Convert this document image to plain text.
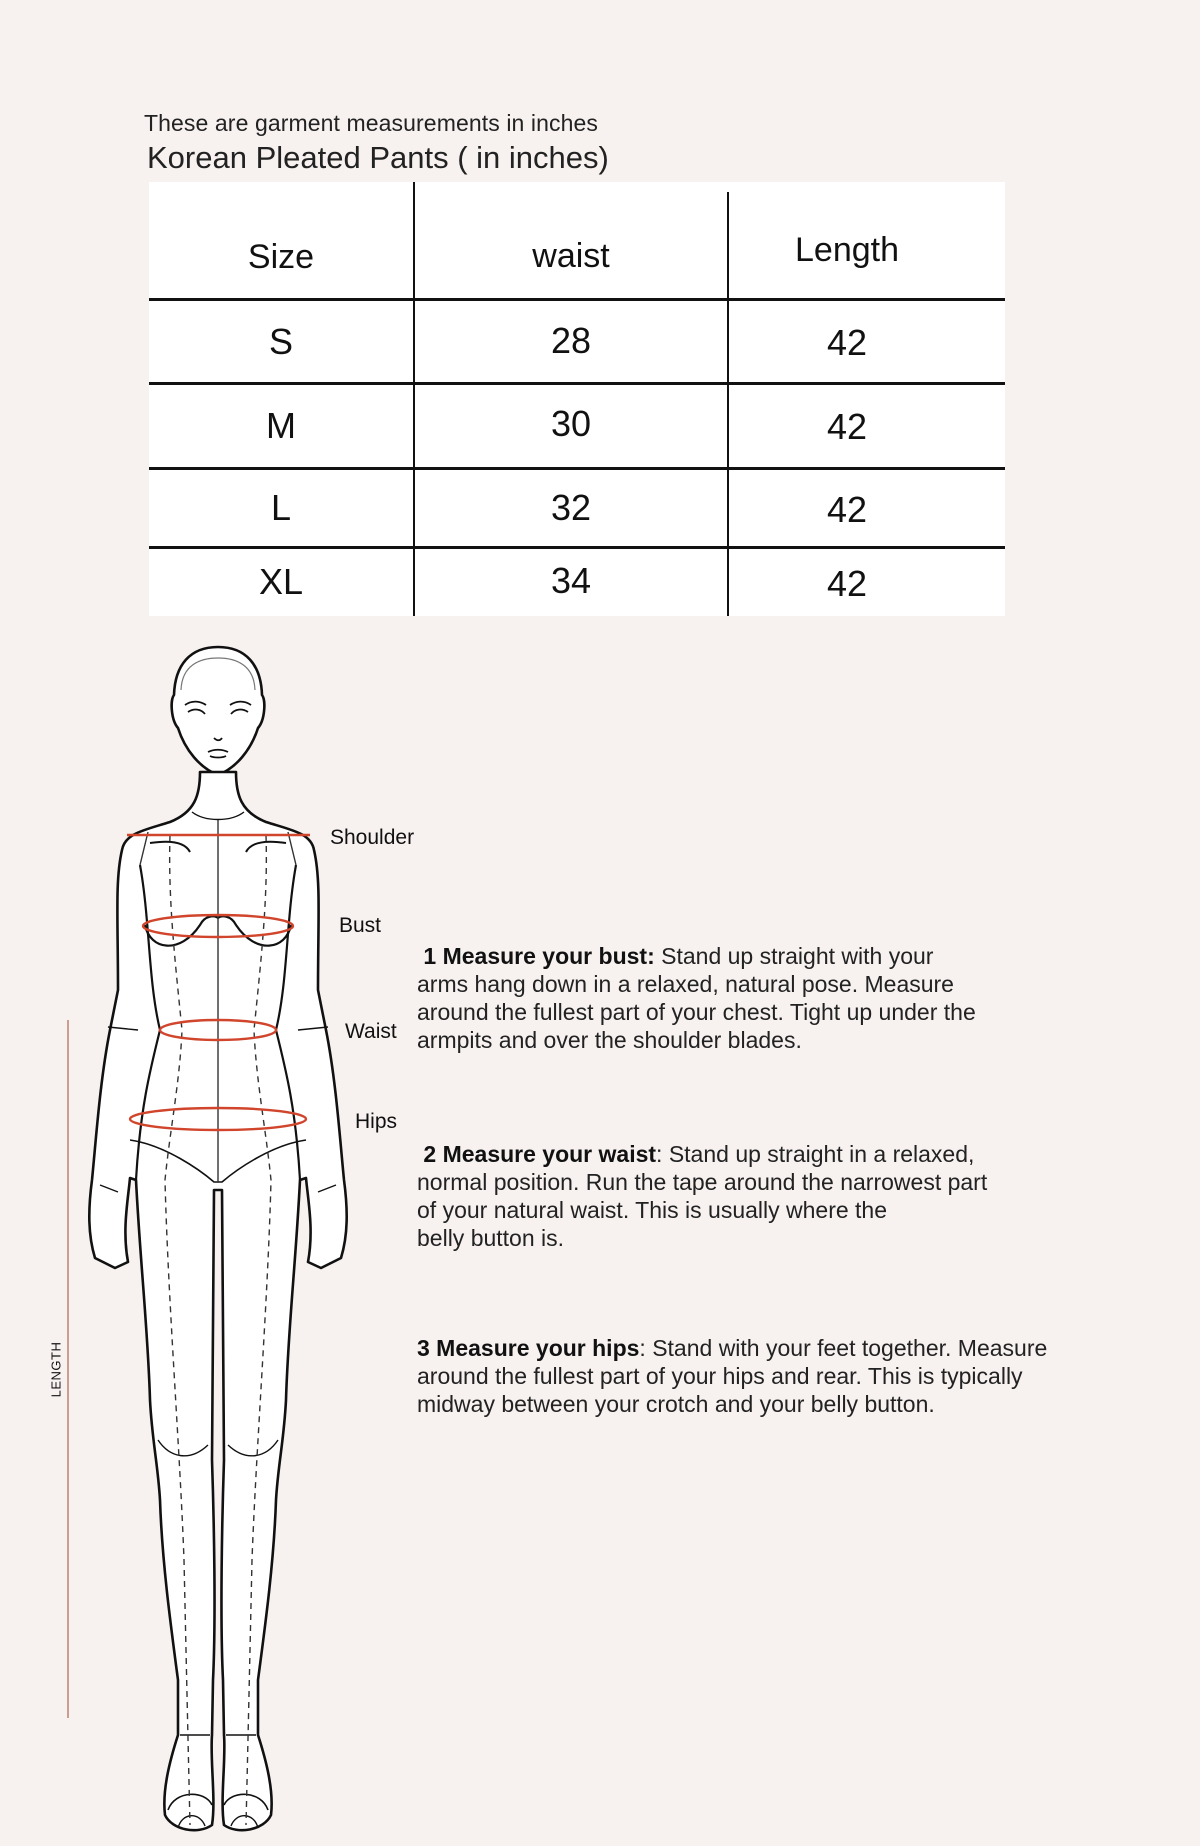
These are garment measurements in inches
Korean Pleated Pants ( in inches)
Size	waist	Length
S	28	42
M	30	42
L	32	42
XL	34	42
Shoulder
Bust
Waist
Hips
LENGTH
1 Measure your bust: Stand up straight with your
arms hang down in a relaxed, natural pose. Measure
around the fullest part of your chest. Tight up under the
armpits and over the shoulder blades.
2 Measure your waist: Stand up straight in a relaxed,
normal position. Run the tape around the narrowest part
of your natural waist. This is usually where the
belly button is.
3 Measure your hips: Stand with your feet together. Measure
around the fullest part of your hips and rear. This is typically
midway between your crotch and your belly button.
